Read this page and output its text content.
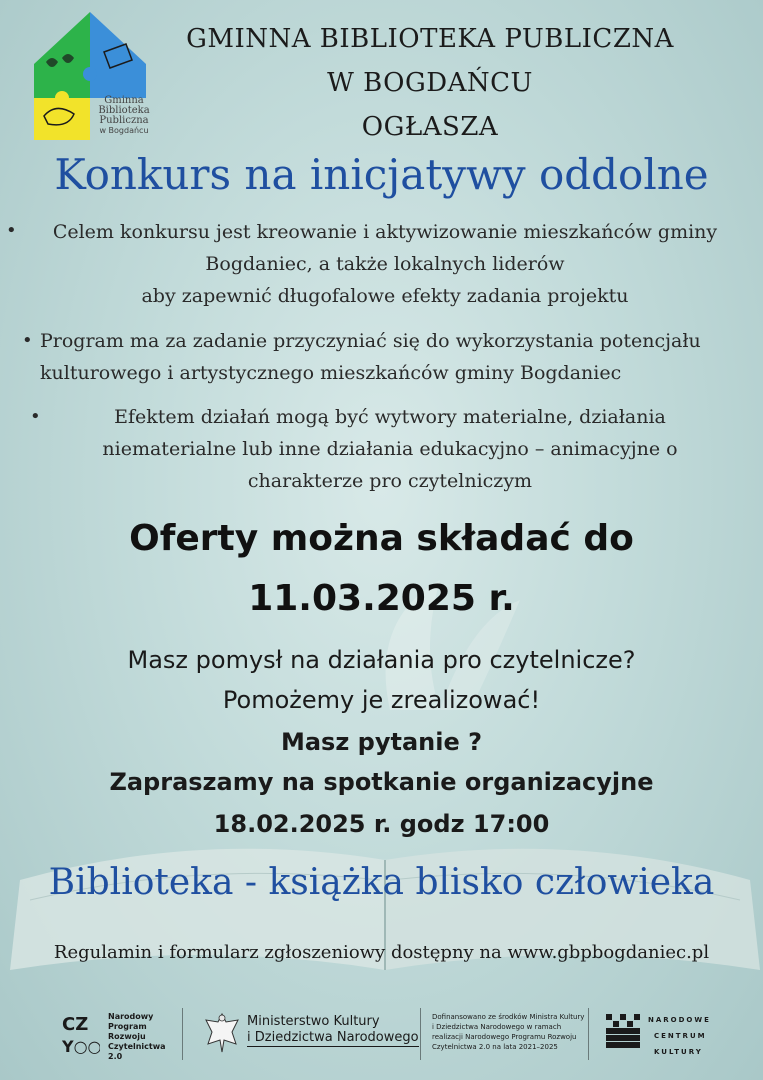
Gminna
Biblioteka
Publiczna
w Bogdańcu
GMINNA BIBLIOTEKA PUBLICZNA
W BOGDAŃCU
OGŁASZA
Konkurs na inicjatywy oddolne
•	Celem konkursu jest kreowanie i aktywizowanie mieszkańców gminy
Bogdaniec, a także lokalnych liderów
aby zapewnić długofalowe efekty zadania projektu
• Program ma za zadanie przyczyniać się do wykorzystania potencjału
kulturowego i artystycznego mieszkańców gminy Bogdaniec
•	Efektem działań mogą być wytwory materialne, działania
niematerialne lub inne działania edukacyjno – animacyjne o
charakterze pro czytelniczym
Oferty można składać do
11.03.2025 r.
Masz pomysł na działania pro czytelnicze?
Pomożemy je zrealizować!
Masz pytanie ?
Zapraszamy na spotkanie organizacyjne
18.02.2025 r. godz 17:00
Biblioteka - książka blisko człowieka
Regulamin i formularz zgłoszeniowy dostępny na www.gbpbogdaniec.pl
CZ
Y○○
Narodowy
Program
Rozwoju
Czytelnictwa
2.0
Ministerstwo Kultury
i Dziedzictwa Narodowego
Dofinansowano ze środków Ministra Kultury
i Dziedzictwa Narodowego w ramach
realizacji Narodowego Programu Rozwoju
Czytelnictwa 2.0 na lata 2021–2025
NARODOWE
CENTRUM
KULTURY
